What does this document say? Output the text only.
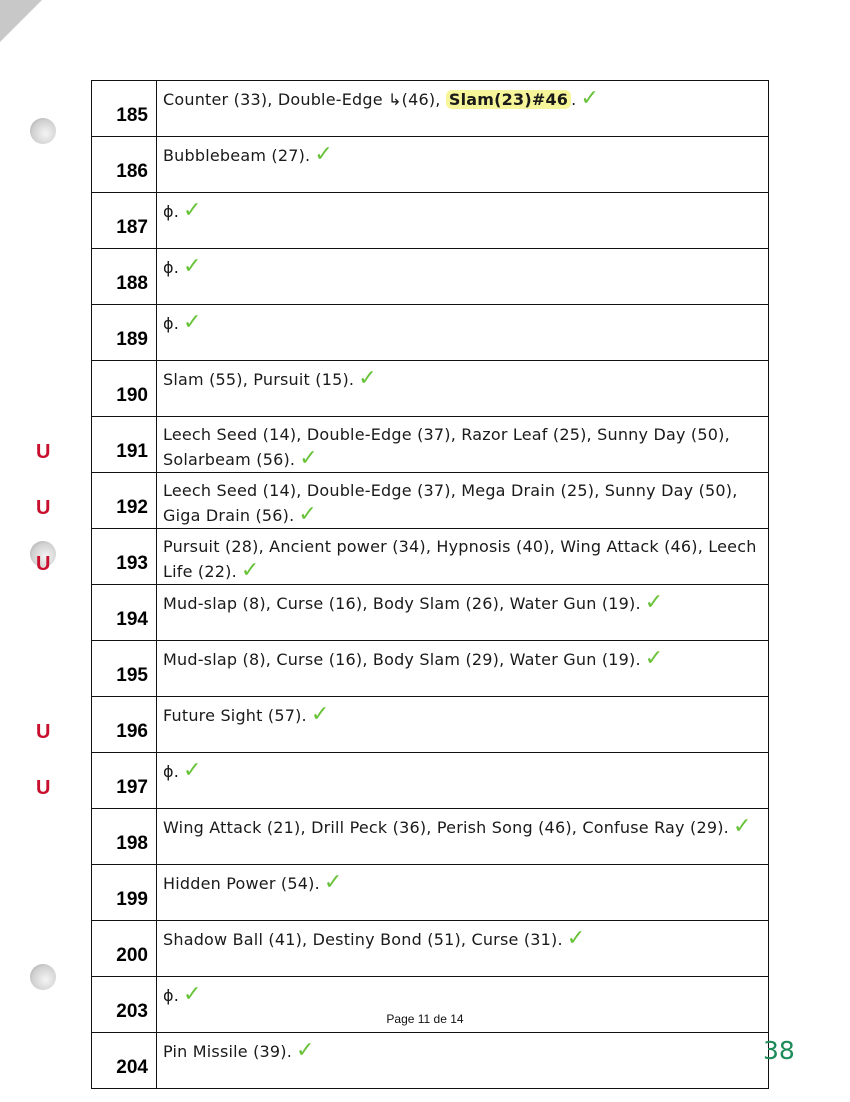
185	Counter (33), Double-Edge ↳(46), Slam(23)#46 . ✓

186	Bubblebeam (27). ✓

187	ϕ. ✓

188	ϕ. ✓

189	ϕ. ✓

190	Slam (55), Pursuit (15). ✓

U 191	Leech Seed (14), Double-Edge (37), Razor Leaf (25), Sunny Day (50), Solarbeam (56). ✓

U 192	Leech Seed (14), Double-Edge (37), Mega Drain (25), Sunny Day (50), Giga Drain (56). ✓

U 193	Pursuit (28), Ancient power (34), Hypnosis (40), Wing Attack (46), Leech Life (22). ✓

194	Mud-slap (8), Curse (16), Body Slam (26), Water Gun (19). ✓

195	Mud-slap (8), Curse (16), Body Slam (29), Water Gun (19). ✓

U 196	Future Sight (57). ✓

U 197	ϕ. ✓

198	Wing Attack (21), Drill Peck (36), Perish Song (46), Confuse Ray (29). ✓

199	Hidden Power (54). ✓

200	Shadow Ball (41), Destiny Bond (51), Curse (31). ✓

203	ϕ. ✓

204	Pin Missile (39). ✓
Page 11 de 14
38
